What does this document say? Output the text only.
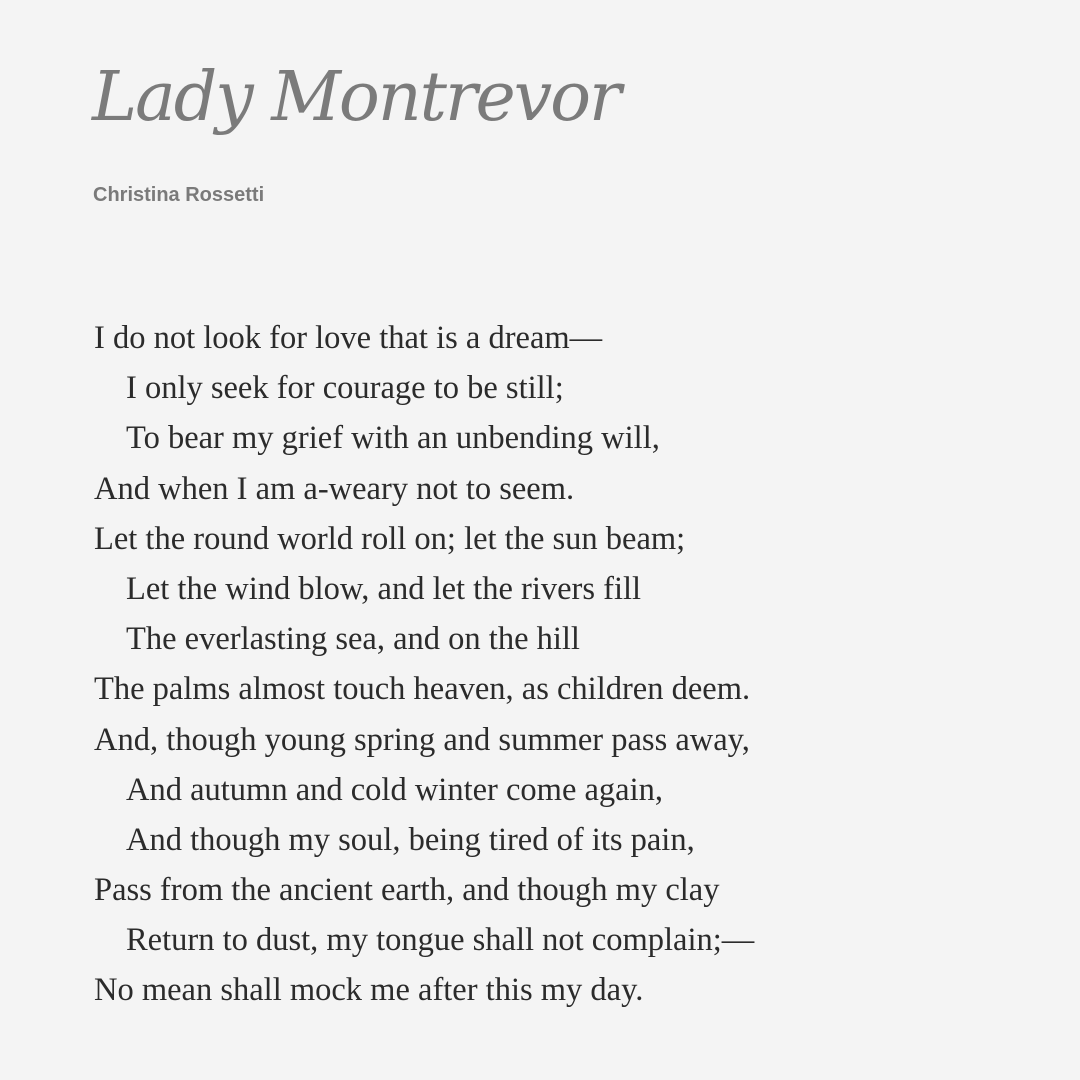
Lady Montrevor

Christina Rossetti

I do not look for love that is a dream—
I only seek for courage to be still;
To bear my grief with an unbending will,
And when I am a-weary not to seem.
Let the round world roll on; let the sun beam;
Let the wind blow, and let the rivers fill
The everlasting sea, and on the hill
The palms almost touch heaven, as children deem.
And, though young spring and summer pass away,
And autumn and cold winter come again,
And though my soul, being tired of its pain,
Pass from the ancient earth, and though my clay
Return to dust, my tongue shall not complain;—
No mean shall mock me after this my day.
